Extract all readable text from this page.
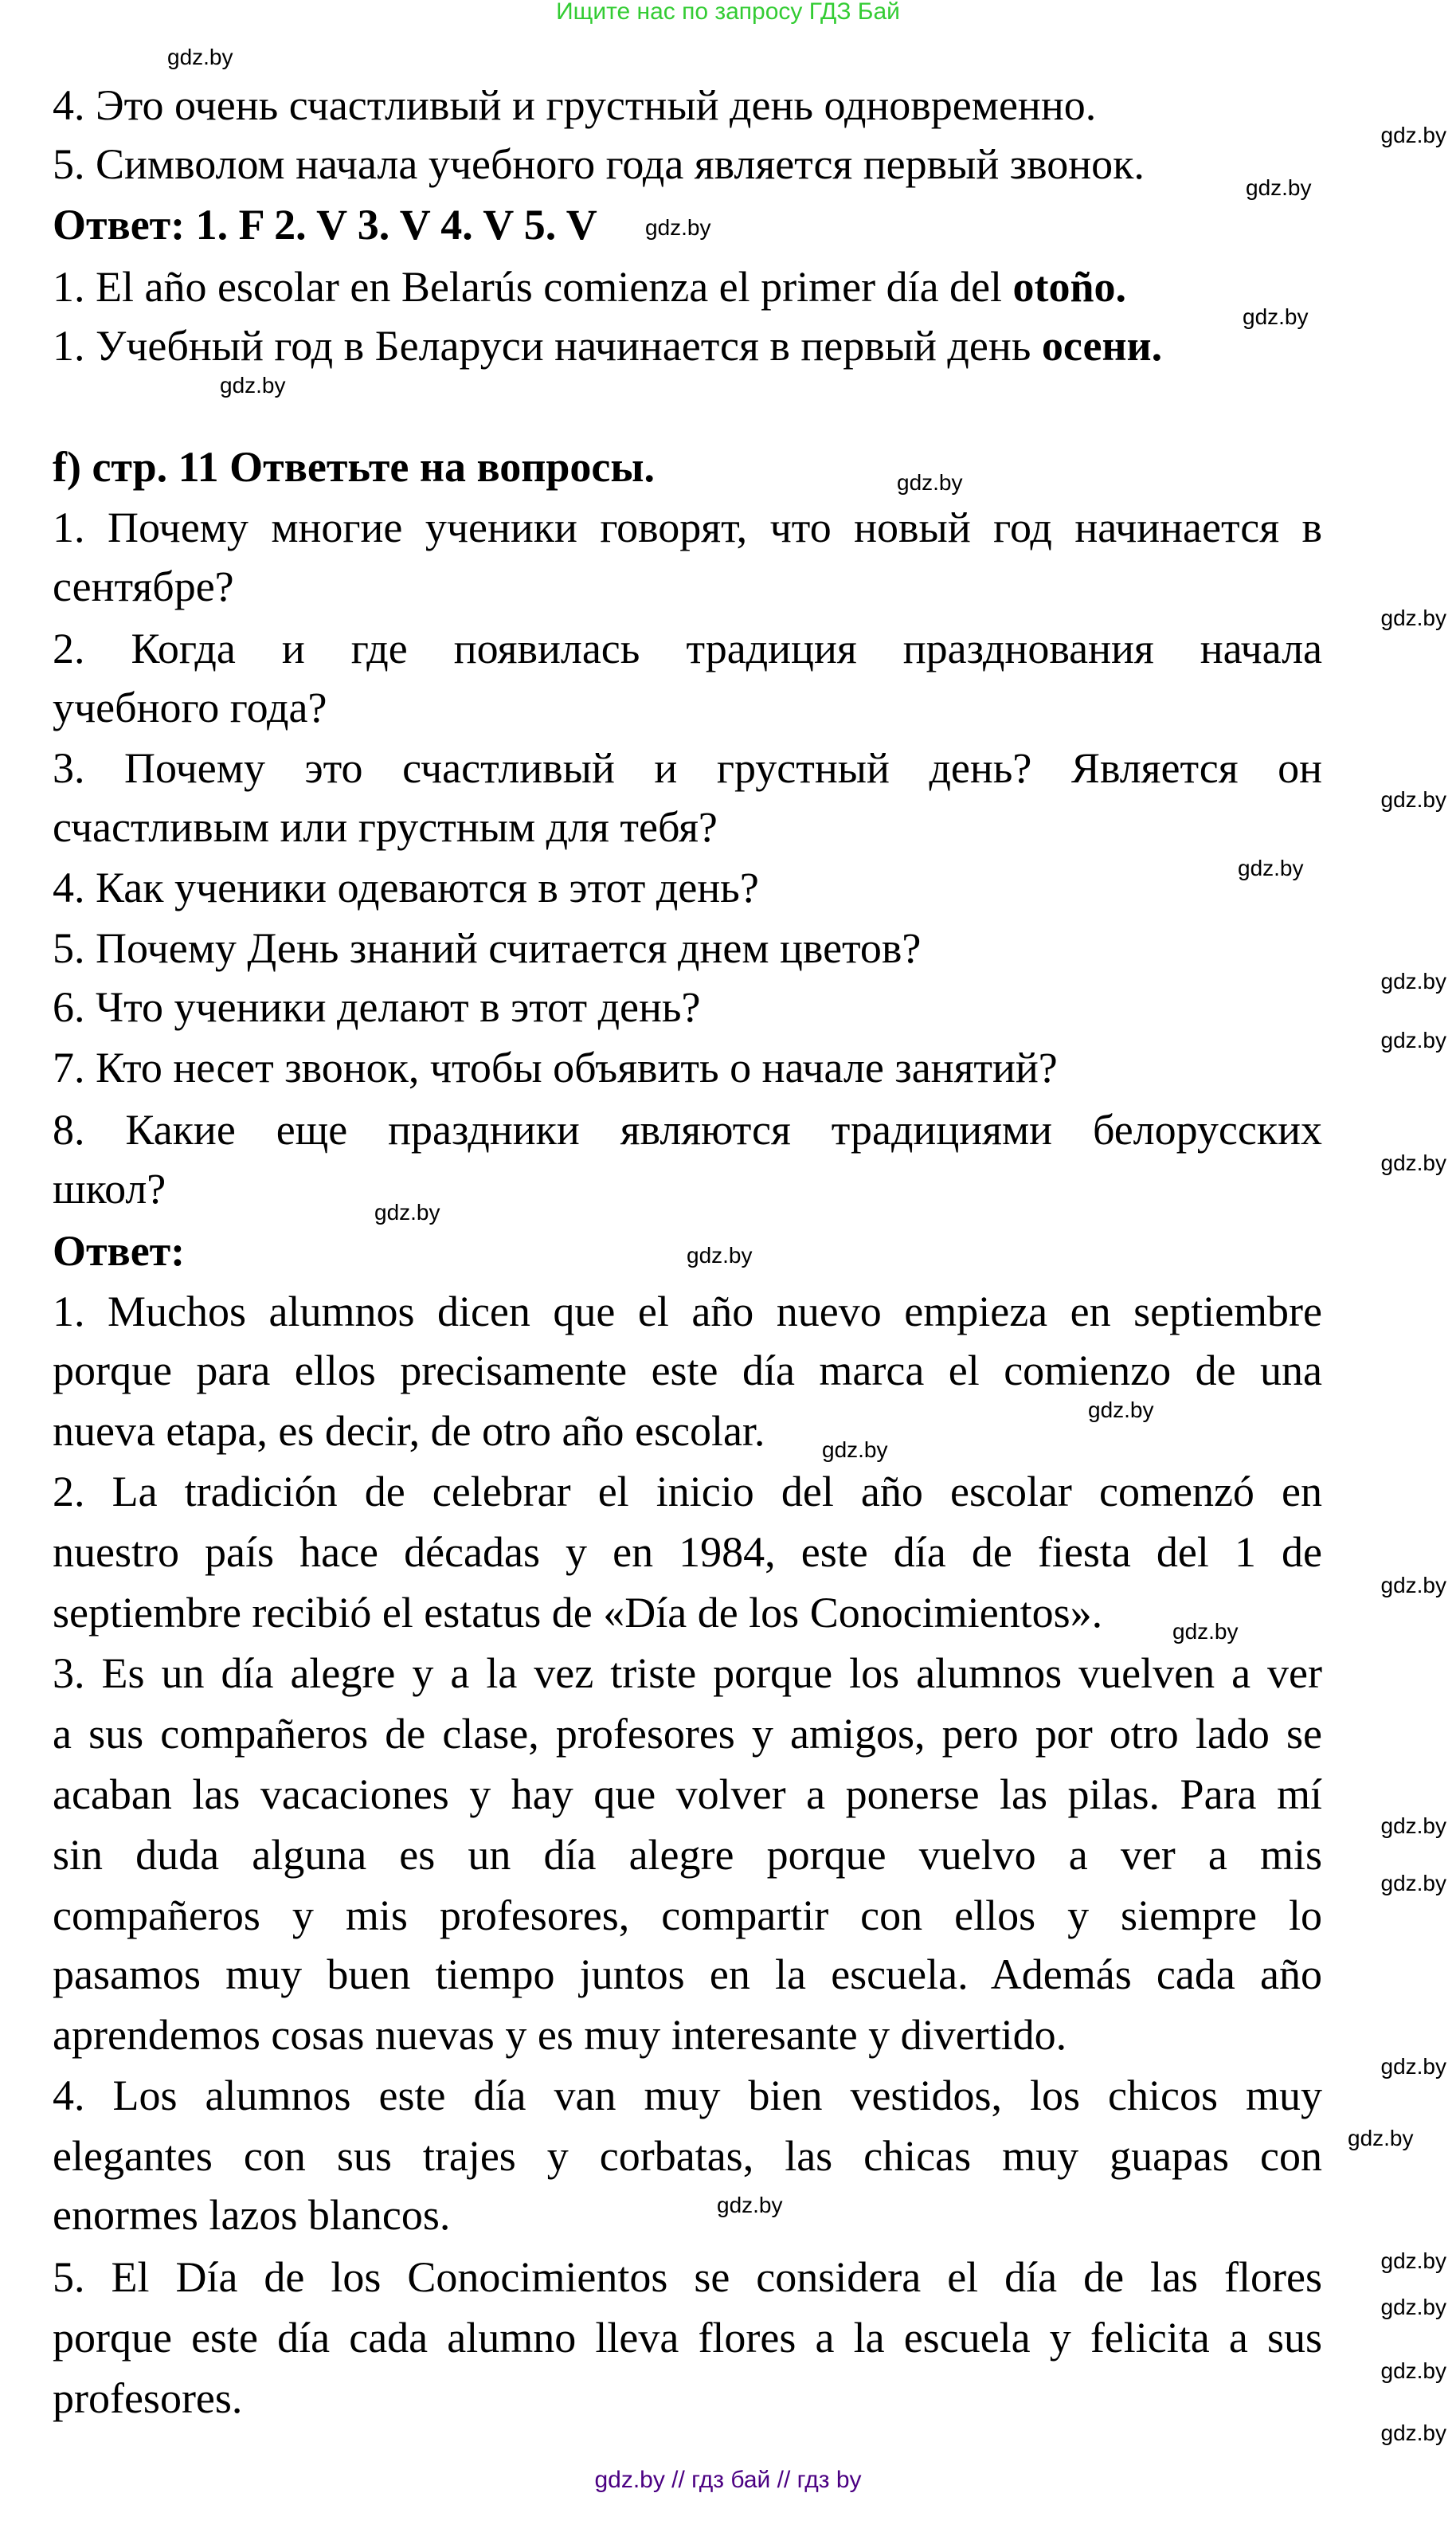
Ищите нас по запросу ГДЗ Бай
4. Это очень счастливый и грустный день одновременно.
5. Символом начала учебного года является первый звонок.
Ответ: 1. F 2. V 3. V 4. V 5. V
1. El año escolar en Belarús comienza el primer día del otoño.
1. Учебный год в Беларуси начинается в первый день осени.
f) стр. 11 Ответьте на вопросы.
1. Почему многие ученики говорят, что новый год начинается в
сентябре?
2. Когда и где появилась традиция празднования начала
учебного года?
3. Почему это счастливый и грустный день? Является он
счастливым или грустным для тебя?
4. Как ученики одеваются в этот день?
5. Почему День знаний считается днем цветов?
6. Что ученики делают в этот день?
7. Кто несет звонок, чтобы объявить о начале занятий?
8. Какие еще праздники являются традициями белорусских
школ?
Ответ:
1. Muchos alumnos dicen que el año nuevo empieza en septiembre
porque para ellos precisamente este día marca el comienzo de una
nueva etapa, es decir, de otro año escolar.
2. La tradición de celebrar el inicio del año escolar comenzó en
nuestro país hace décadas y en 1984, este día de fiesta del 1 de
septiembre recibió el estatus de «Día de los Conocimientos».
3. Es un día alegre y a la vez triste porque los alumnos vuelven a ver
a sus compañeros de clase, profesores y amigos, pero por otro lado se
acaban las vacaciones y hay que volver a ponerse las pilas. Para mí
sin duda alguna es un día alegre porque vuelvo a ver a mis
compañeros y mis profesores, compartir con ellos y siempre lo
pasamos muy buen tiempo juntos en la escuela. Además cada año
aprendemos cosas nuevas y es muy interesante y divertido.
4. Los alumnos este día van muy bien vestidos, los chicos muy
elegantes con sus trajes y corbatas, las chicas muy guapas con
enormes lazos blancos.
5. El Día de los Conocimientos se considera el día de las flores
porque este día cada alumno lleva flores a la escuela y felicita a sus
profesores.
gdz.by
gdz.by
gdz.by
gdz.by
gdz.by
gdz.by
gdz.by
gdz.by
gdz.by
gdz.by
gdz.by
gdz.by
gdz.by
gdz.by
gdz.by
gdz.by
gdz.by
gdz.by
gdz.by
gdz.by
gdz.by
gdz.by
gdz.by
gdz.by
gdz.by
gdz.by
gdz.by
gdz.by
gdz.by // гдз бай // гдз by
